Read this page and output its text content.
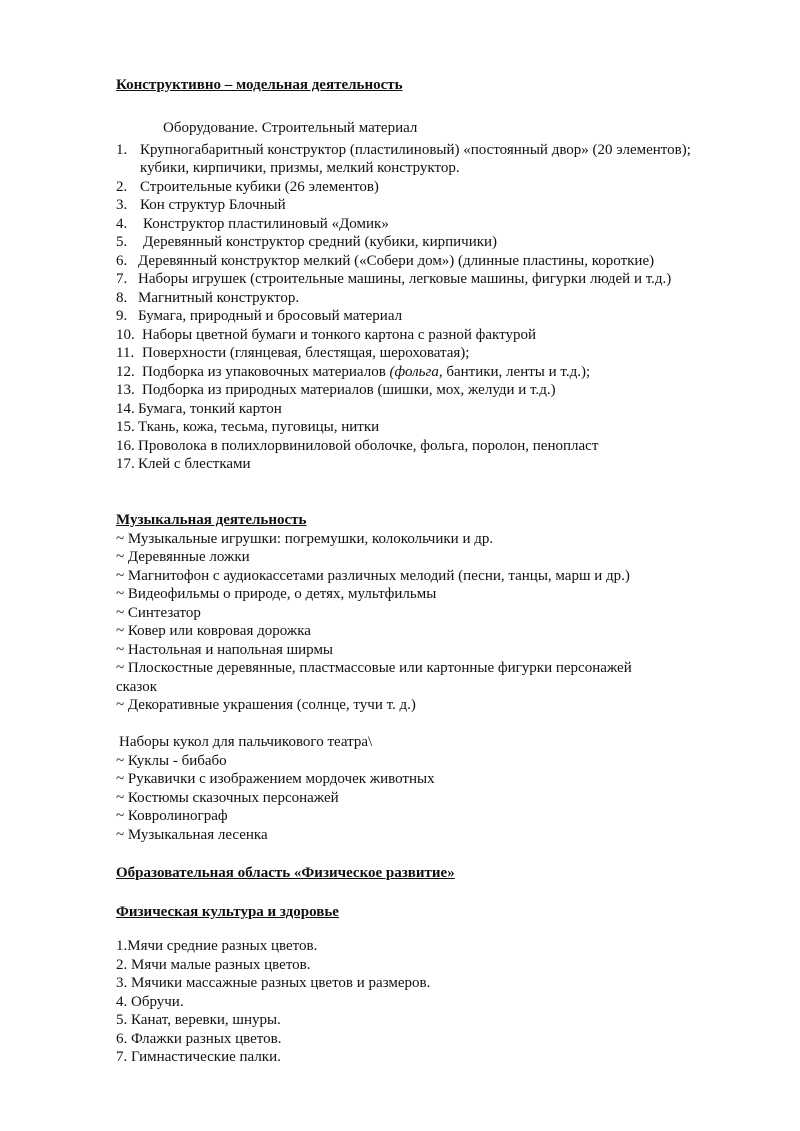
Конструктивно – модельная деятельность
Оборудование. Строительный материал
1. Крупногабаритный конструктор (пластилиновый) «постоянный двор» (20 элементов);
кубики, кирпичики, призмы, мелкий конструктор.
2. Строительные кубики (26 элементов)
3. Кон структур Блочный
4. Конструктор пластилиновый «Домик»
5. Деревянный конструктор средний (кубики, кирпичики)
6. Деревянный конструктор мелкий («Собери дом») (длинные пластины, короткие)
7. Наборы игрушек (строительные машины, легковые машины, фигурки людей и т.д.)
8. Магнитный конструктор.
9. Бумага, природный и бросовый материал
10. Наборы цветной бумаги и тонкого картона с разной фактурой
11. Поверхности (глянцевая, блестящая, шероховатая);
12. Подборка из упаковочных материалов (фольга, бантики, ленты и т.д.);
13. Подборка из природных материалов (шишки, мох, желуди и т.д.)
14. Бумага, тонкий картон
15. Ткань, кожа, тесьма, пуговицы, нитки
16. Проволока в полихлорвиниловой оболочке, фольга, поролон, пенопласт
17. Клей с блестками
Музыкальная деятельность
~ Музыкальные игрушки: погремушки, колокольчики и др.
~ Деревянные ложки
~ Магнитофон с аудиокассетами различных мелодий (песни, танцы, марш и др.)
~ Видеофильмы о природе, о детях, мультфильмы
~ Синтезатор
~ Ковер или ковровая дорожка
~ Настольная и напольная ширмы
~ Плоскостные деревянные, пластмассовые или картонные фигурки персонажей
сказок
~ Декоративные украшения (солнце, тучи т. д.)
Наборы кукол для пальчикового театра\
~ Куклы - бибабо
~ Рукавички с изображением мордочек животных
~ Костюмы сказочных персонажей
~ Ковролинограф
~ Музыкальная лесенка
Образовательная область «Физическое развитие»
Физическая культура и здоровье
1.Мячи средние разных цветов.
2. Мячи малые разных цветов.
3. Мячики массажные разных цветов и размеров.
4. Обручи.
5. Канат, веревки, шнуры.
6. Флажки разных цветов.
7. Гимнастические палки.
